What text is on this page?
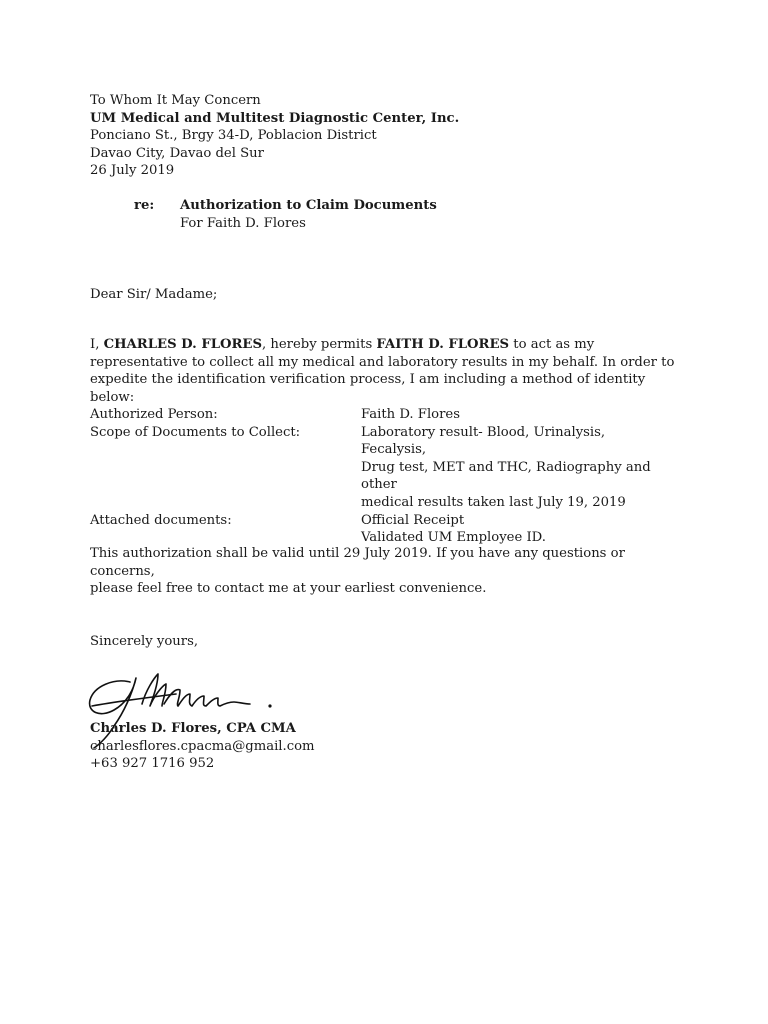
To Whom It May Concern

UM Medical and Multitest Diagnostic Center, Inc.

Ponciano St., Brgy 34-D, Poblacion District

Davao City, Davao del Sur

26 July 2019

re: Authorization to Claim Documents
For Faith D. Flores
Dear Sir/ Madame;

I, CHARLES D. FLORES, hereby permits FAITH D. FLORES to act as my representative to collect all my medical and laboratory results in my behalf. In order to expedite the identification verification process, I am including a method of identity below:

Authorized Person:	Faith D. Flores

Scope of Documents to Collect:	Laboratory result- Blood, Urinalysis, Fecalysis,

Drug test, MET and THC, Radiography and other

medical results taken last July 19, 2019

Attached documents:	Official Receipt

Validated UM Employee ID.

This authorization shall be valid until 29 July 2019. If you have any questions or concerns,

please feel free to contact me at your earliest convenience.

Sincerely yours,

Charles D. Flores, CPA CMA

charlesflores.cpacma@gmail.com

+63 927 1716 952
